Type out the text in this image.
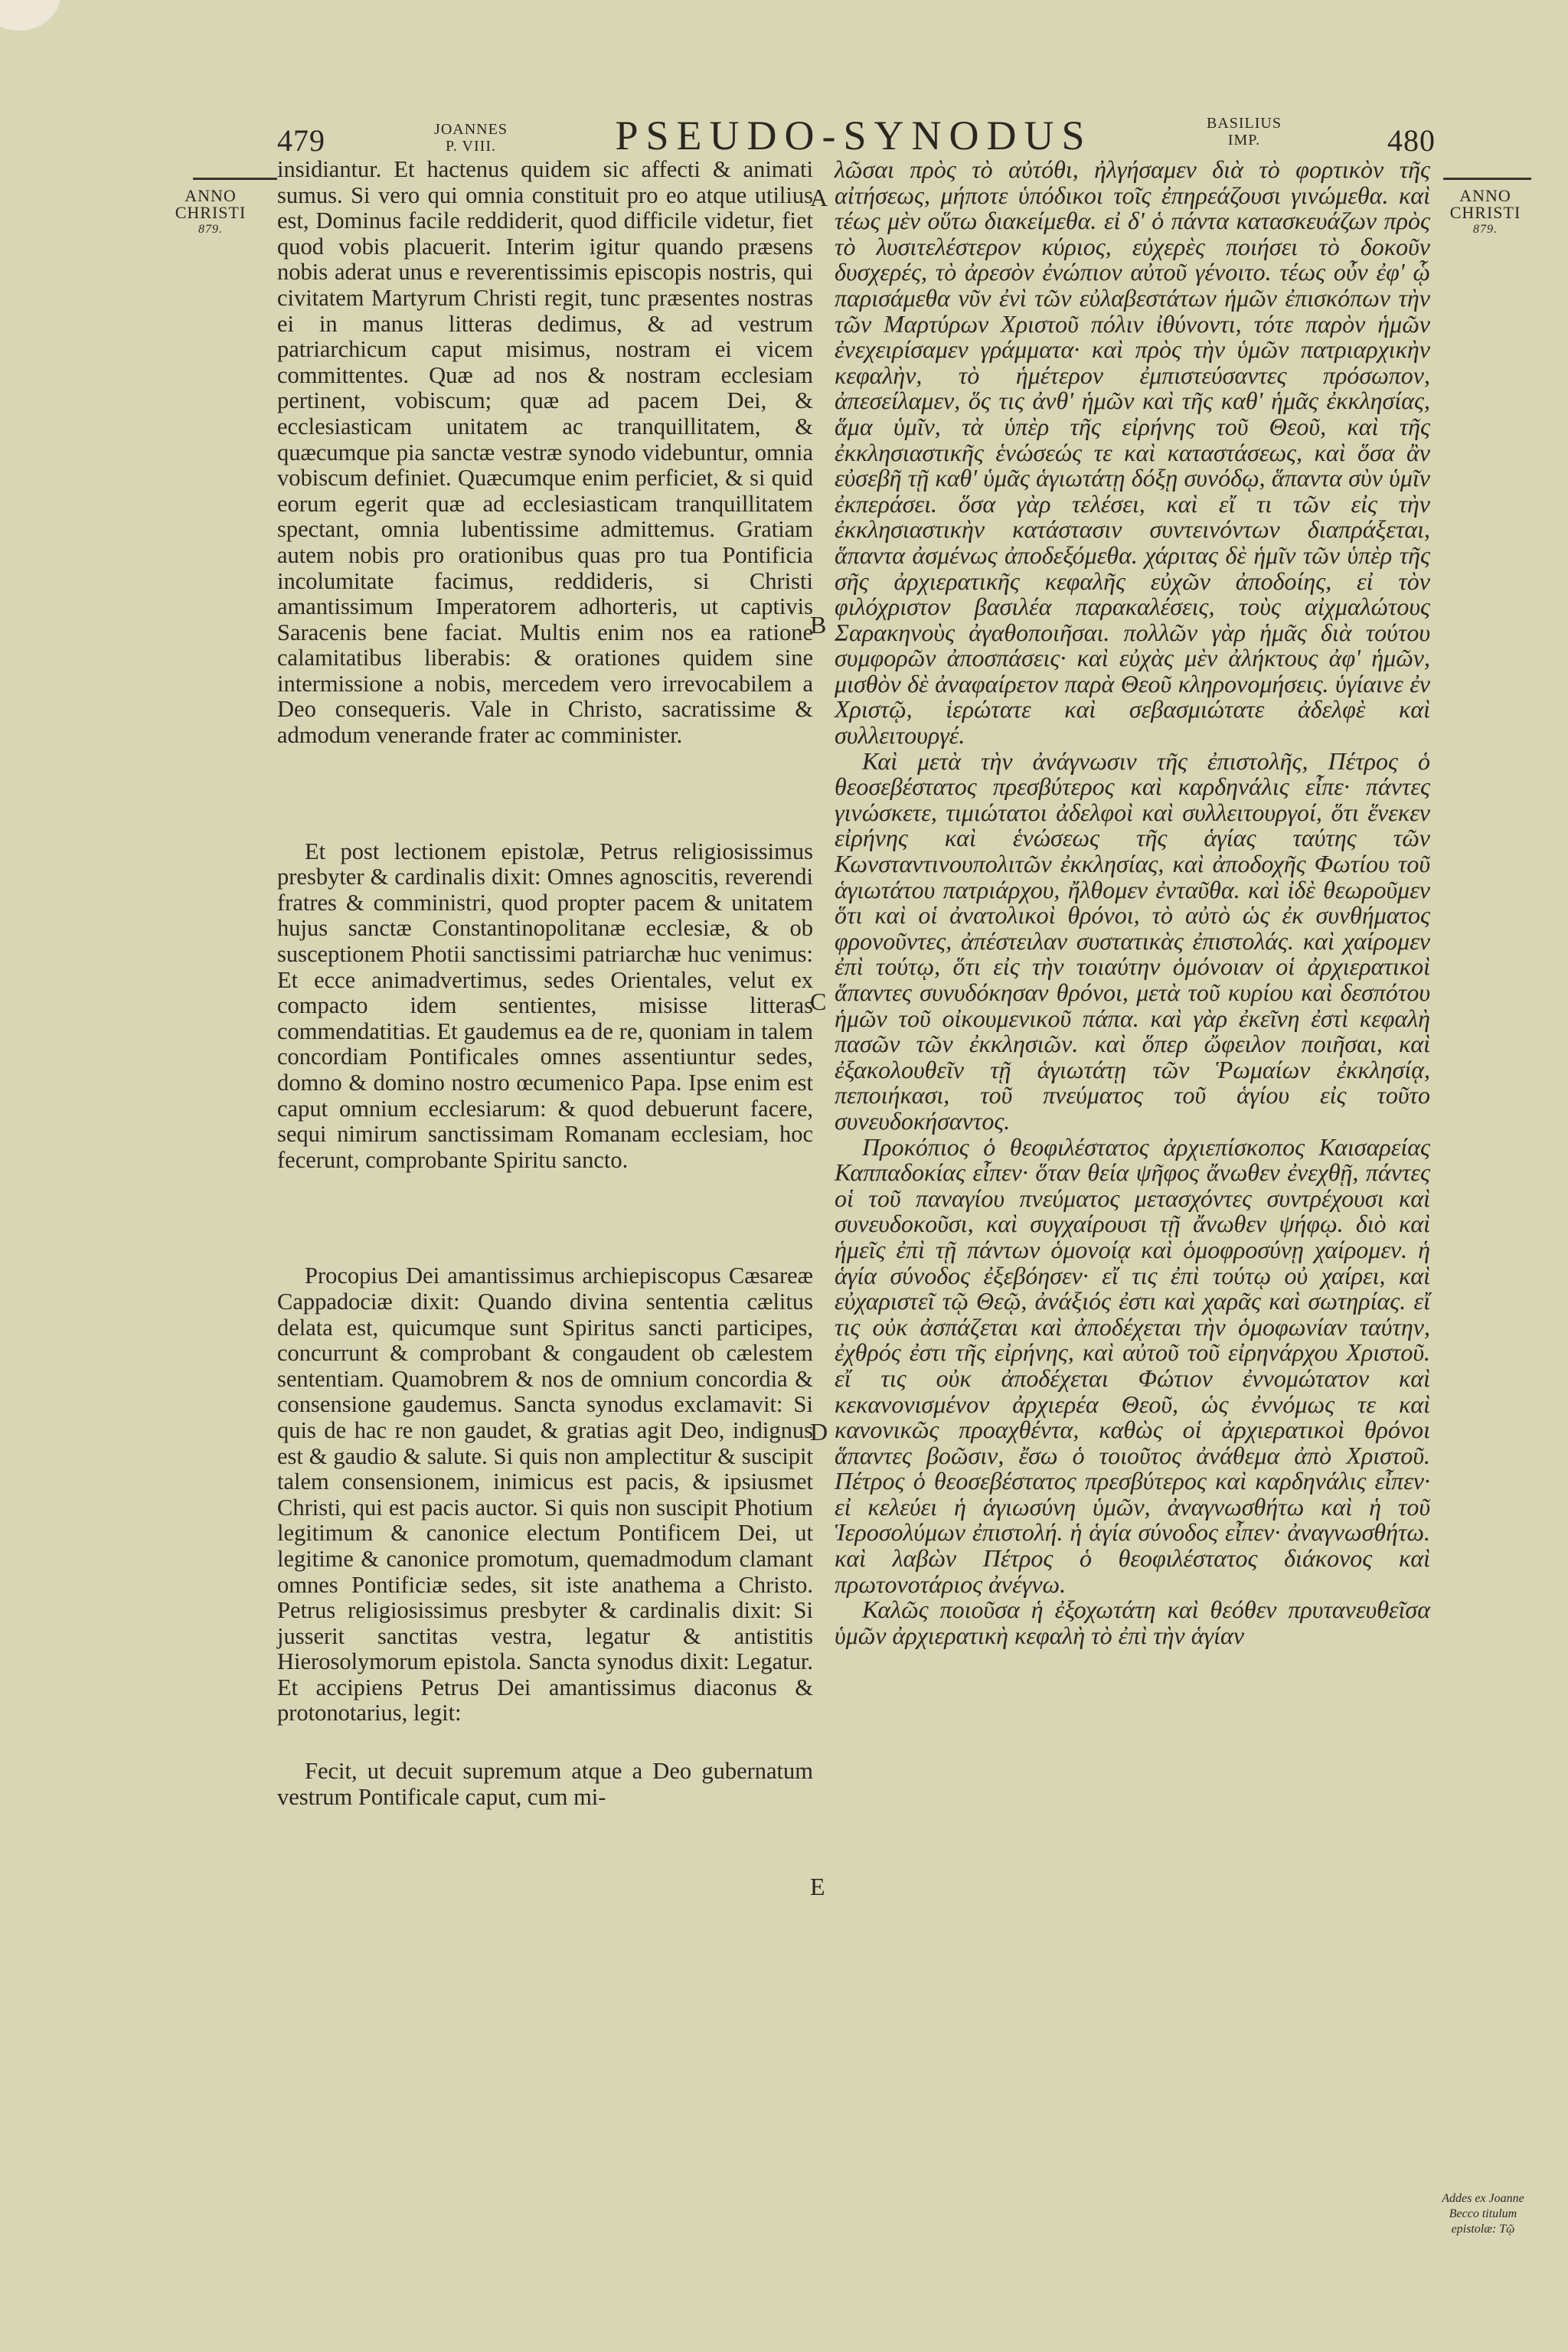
479	JOANNES
P. VIII.	PSEUDO-SYNODUS	BASILIUS
IMP.	480
ANNO
CHRISTI
879.
ANNO
CHRISTI
879.

insidiantur. Et hactenus quidem sic affecti & animati sumus. Si vero qui omnia constituit pro eo atque utilius est, Dominus facile reddiderit, quod difficile videtur, fiet quod vobis placuerit. Interim igitur quando præsens nobis aderat unus e reverentissimis episcopis nostris, qui civitatem Martyrum Christi regit, tunc præsentes nostras ei in manus litteras dedimus, & ad vestrum patriarchicum caput misimus, nostram ei vicem committentes. Quæ ad nos & nostram ecclesiam pertinent, vobiscum; quæ ad pacem Dei, & ecclesiasticam unitatem ac tranquillitatem, & quæcumque pia sanctæ vestræ synodo videbuntur, omnia vobiscum definiet. Quæcumque enim perficiet, & si quid eorum egerit quæ ad ecclesiasticam tranquillitatem spectant, omnia lubentissime admittemus. Gratiam autem nobis pro orationibus quas pro tua Pontificia incolumitate facimus, reddideris, si Christi amantissimum Imperatorem adhorteris, ut captivis Saracenis bene faciat. Multis enim nos ea ratione calamitatibus liberabis: & orationes quidem sine intermissione a nobis, mercedem vero irrevocabilem a Deo consequeris. Vale in Christo, sacratissime & admodum venerande frater ac comminister.

Et post lectionem epistolæ, Petrus religiosissimus presbyter & cardinalis dixit: Omnes agnoscitis, reverendi fratres & comministri, quod propter pacem & unitatem hujus sanctæ Constantinopolitanæ ecclesiæ, & ob susceptionem Photii sanctissimi patriarchæ huc venimus: Et ecce animadvertimus, sedes Orientales, velut ex compacto idem sentientes, misisse litteras commendatitias. Et gaudemus ea de re, quoniam in talem concordiam Pontificales omnes assentiuntur sedes, domno & domino nostro œcumenico Papa. Ipse enim est caput omnium ecclesiarum: & quod debuerunt facere, sequi nimirum sanctissimam Romanam ecclesiam, hoc fecerunt, comprobante Spiritu sancto.

Procopius Dei amantissimus archiepiscopus Cæsareæ Cappadociæ dixit: Quando divina sententia cælitus delata est, quicumque sunt Spiritus sancti participes, concurrunt & comprobant & congaudent ob cælestem sententiam. Quamobrem & nos de omnium concordia & consensione gaudemus. Sancta synodus exclamavit: Si quis de hac re non gaudet, & gratias agit Deo, indignus est & gaudio & salute. Si quis non amplectitur & suscipit talem consensionem, inimicus est pacis, & ipsiusmet Christi, qui est pacis auctor. Si quis non suscipit Photium legitimum & canonice electum Pontificem Dei, ut legitime & canonice promotum, quemadmodum clamant omnes Pontificiæ sedes, sit iste anathema a Christo. Petrus religiosissimus presbyter & cardinalis dixit: Si jusserit sanctitas vestra, legatur & antistitis Hierosolymorum epistola. Sancta synodus dixit: Legatur. Et accipiens Petrus Dei amantissimus diaconus & protonotarius, legit:

Fecit, ut decuit supremum atque a Deo gubernatum vestrum Pontificale caput, cum mi-

λῶσαι πρὸς τὸ αὐτόθι, ἠλγήσαμεν διὰ τὸ φορτικὸν τῆς αἰτήσεως, μήποτε ὑπόδικοι τοῖς ἐπηρεάζουσι γινώμεθα. καὶ τέως μὲν οὕτω διακείμεθα. εἰ δ' ὁ πάντα κατασκευάζων πρὸς τὸ λυσιτελέστερον κύριος, εὐχερὲς ποιήσει τὸ δοκοῦν δυσχερές, τὸ ἀρεσὸν ἐνώπιον αὐτοῦ γένοιτο. τέως οὖν ἐφ' ᾧ παρισάμεθα νῦν ἐνὶ τῶν εὐλαβεστάτων ἡμῶν ἐπισκόπων τὴν τῶν Μαρτύρων Χριστοῦ πόλιν ἰθύνοντι, τότε παρὸν ἡμῶν ἐνεχειρίσαμεν γράμματα· καὶ πρὸς τὴν ὑμῶν πατριαρχικὴν κεφαλὴν, τὸ ἡμέτερον ἐμπιστεύσαντες πρόσωπον, ἀπεσείλαμεν, ὅς τις ἀνθ' ἡμῶν καὶ τῆς καθ' ἡμᾶς ἐκκλησίας, ἅμα ὑμῖν, τὰ ὑπὲρ τῆς εἰρήνης τοῦ Θεοῦ, καὶ τῆς ἐκκλησιαστικῆς ἑνώσεώς τε καὶ καταστάσεως, καὶ ὅσα ἂν εὐσεβῆ τῇ καθ' ὑμᾶς ἁγιωτάτῃ δόξῃ συνόδῳ, ἅπαντα σὺν ὑμῖν ἐκπεράσει. ὅσα γὰρ τελέσει, καὶ εἴ τι τῶν εἰς τὴν ἐκκλησιαστικὴν κατάστασιν συντεινόντων διαπράξεται, ἅπαντα ἀσμένως ἀποδεξόμεθα. χάριτας δὲ ἡμῖν τῶν ὑπὲρ τῆς σῆς ἀρχιερατικῆς κεφαλῆς εὐχῶν ἀποδοίης, εἰ τὸν φιλόχριστον βασιλέα παρακαλέσεις, τοὺς αἰχμαλώτους Σαρακηνοὺς ἀγαθοποιῆσαι. πολλῶν γὰρ ἡμᾶς διὰ τούτου συμφορῶν ἀποσπάσεις· καὶ εὐχὰς μὲν ἀλήκτους ἀφ' ἡμῶν, μισθὸν δὲ ἀναφαίρετον παρὰ Θεοῦ κληρονομήσεις. ὑγίαινε ἐν Χριστῷ, ἱερώτατε καὶ σεβασμιώτατε ἀδελφὲ καὶ συλλειτουργέ.

Καὶ μετὰ τὴν ἀνάγνωσιν τῆς ἐπιστολῆς, Πέτρος ὁ θεοσεβέστατος πρεσβύτερος καὶ καρδηνάλις εἶπε· πάντες γινώσκετε, τιμιώτατοι ἀδελφοὶ καὶ συλλειτουργοί, ὅτι ἕνεκεν εἰρήνης καὶ ἑνώσεως τῆς ἁγίας ταύτης τῶν Κωνσταντινουπολιτῶν ἐκκλησίας, καὶ ἀποδοχῆς Φωτίου τοῦ ἁγιωτάτου πατριάρχου, ἤλθομεν ἐνταῦθα. καὶ ἰδὲ θεωροῦμεν ὅτι καὶ οἱ ἀνατολικοὶ θρόνοι, τὸ αὐτὸ ὡς ἐκ συνθήματος φρονοῦντες, ἀπέστειλαν συστατικὰς ἐπιστολάς. καὶ χαίρομεν ἐπὶ τούτῳ, ὅτι εἰς τὴν τοιαύτην ὁμόνοιαν οἱ ἀρχιερατικοὶ ἅπαντες συνυδόκησαν θρόνοι, μετὰ τοῦ κυρίου καὶ δεσπότου ἡμῶν τοῦ οἰκουμενικοῦ πάπα. καὶ γὰρ ἐκεῖνη ἐστὶ κεφαλὴ πασῶν τῶν ἐκκλησιῶν. καὶ ὅπερ ὤφειλον ποιῆσαι, καὶ ἐξακολουθεῖν τῇ ἁγιωτάτῃ τῶν Ῥωμαίων ἐκκλησίᾳ, πεποιήκασι, τοῦ πνεύματος τοῦ ἁγίου εἰς τοῦτο συνευδοκήσαντος.

Προκόπιος ὁ θεοφιλέστατος ἀρχιεπίσκοπος Καισαρείας Καππαδοκίας εἶπεν· ὅταν θεία ψῆφος ἄνωθεν ἐνεχθῇ, πάντες οἱ τοῦ παναγίου πνεύματος μετασχόντες συντρέχουσι καὶ συνευδοκοῦσι, καὶ συγχαίρουσι τῇ ἄνωθεν ψήφῳ. διὸ καὶ ἡμεῖς ἐπὶ τῇ πάντων ὁμονοίᾳ καὶ ὁμοφροσύνῃ χαίρομεν. ἡ ἁγία σύνοδος ἐξεβόησεν· εἴ τις ἐπὶ τούτῳ οὐ χαίρει, καὶ εὐχαριστεῖ τῷ Θεῷ, ἀνάξιός ἐστι καὶ χαρᾶς καὶ σωτηρίας. εἴ τις οὐκ ἀσπάζεται καὶ ἀποδέχεται τὴν ὁμοφωνίαν ταύτην, ἐχθρός ἐστι τῆς εἰρήνης, καὶ αὐτοῦ τοῦ εἰρηνάρχου Χριστοῦ. εἴ τις οὐκ ἀποδέχεται Φώτιον ἐννομώτατον καὶ κεκανονισμένον ἀρχιερέα Θεοῦ, ὡς ἐννόμως τε καὶ κανονικῶς προαχθέντα, καθὼς οἱ ἀρχιερατικοὶ θρόνοι ἅπαντες βοῶσιν, ἔσω ὁ τοιοῦτος ἀνάθεμα ἀπὸ Χριστοῦ. Πέτρος ὁ θεοσεβέστατος πρεσβύτερος καὶ καρδηνάλις εἶπεν· εἰ κελεύει ἡ ἁγιωσύνη ὑμῶν, ἀναγνωσθήτω καὶ ἡ τοῦ Ἱεροσολύμων ἐπιστολή. ἡ ἁγία σύνοδος εἶπεν· ἀναγνωσθήτω. καὶ λαβὼν Πέτρος ὁ θεοφιλέστατος διάκονος καὶ πρωτονοτάριος ἀνέγνω.

Καλῶς ποιοῦσα ἡ ἐξοχωτάτη καὶ θεόθεν πρυτανευθεῖσα ὑμῶν ἀρχιερατικὴ κεφαλὴ τὸ ἐπὶ τὴν ἁγίαν

A
B
C
D
E
Addes ex Joanne Becco titulum epistolæ: Tῷ
